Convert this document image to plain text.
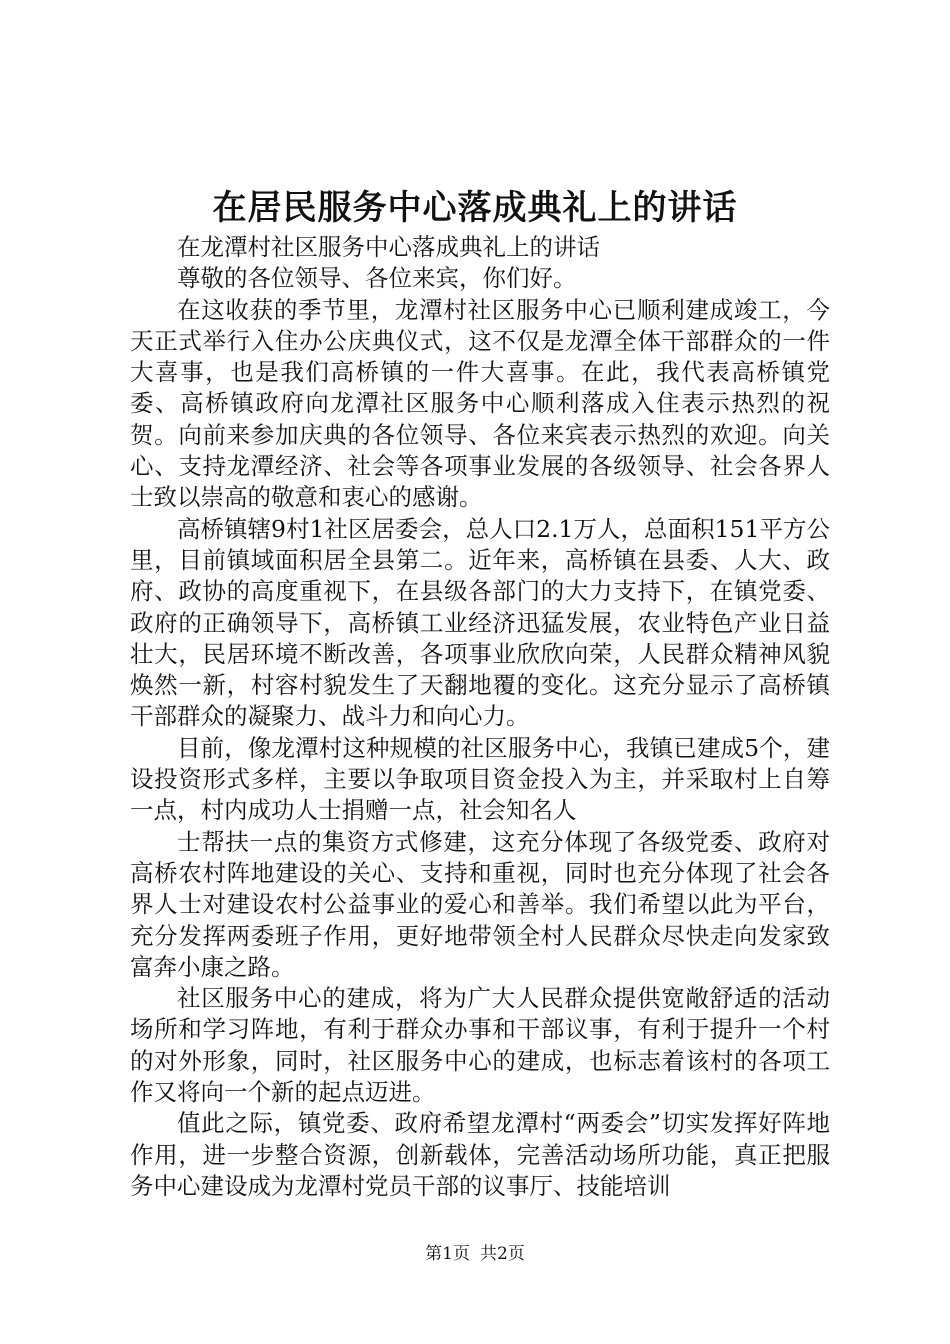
在居民服务中心落成典礼上的讲话

在龙潭村社区服务中心落成典礼上的讲话

尊敬的各位领导、各位来宾，你们好。

在这收获的季节里，龙潭村社区服务中心已顺利建成竣工，今天正式举行入住办公庆典仪式，这不仅是龙潭全体干部群众的一件大喜事，也是我们高桥镇的一件大喜事。在此，我代表高桥镇党委、高桥镇政府向龙潭社区服务中心顺利落成入住表示热烈的祝贺。向前来参加庆典的各位领导、各位来宾表示热烈的欢迎。向关心、支持龙潭经济、社会等各项事业发展的各级领导、社会各界人士致以崇高的敬意和衷心的感谢。

高桥镇辖9村1社区居委会，总人口2.1万人，总面积151平方公里，目前镇域面积居全县第二。近年来，高桥镇在县委、人大、政府、政协的高度重视下，在县级各部门的大力支持下，在镇党委、政府的正确领导下，高桥镇工业经济迅猛发展，农业特色产业日益壮大，民居环境不断改善，各项事业欣欣向荣，人民群众精神风貌焕然一新，村容村貌发生了天翻地覆的变化。这充分显示了高桥镇干部群众的凝聚力、战斗力和向心力。

目前，像龙潭村这种规模的社区服务中心，我镇已建成5个，建设投资形式多样，主要以争取项目资金投入为主，并采取村上自筹一点，村内成功人士捐赠一点，社会知名人

士帮扶一点的集资方式修建，这充分体现了各级党委、政府对高桥农村阵地建设的关心、支持和重视，同时也充分体现了社会各界人士对建设农村公益事业的爱心和善举。我们希望以此为平台，充分发挥两委班子作用，更好地带领全村人民群众尽快走向发家致富奔小康之路。

社区服务中心的建成，将为广大人民群众提供宽敞舒适的活动场所和学习阵地，有利于群众办事和干部议事，有利于提升一个村的对外形象，同时，社区服务中心的建成，也标志着该村的各项工作又将向一个新的起点迈进。

值此之际，镇党委、政府希望龙潭村“两委会”切实发挥好阵地作用，进一步整合资源，创新载体，完善活动场所功能，真正把服务中心建设成为龙潭村党员干部的议事厅、技能培训

第1页 共2页
